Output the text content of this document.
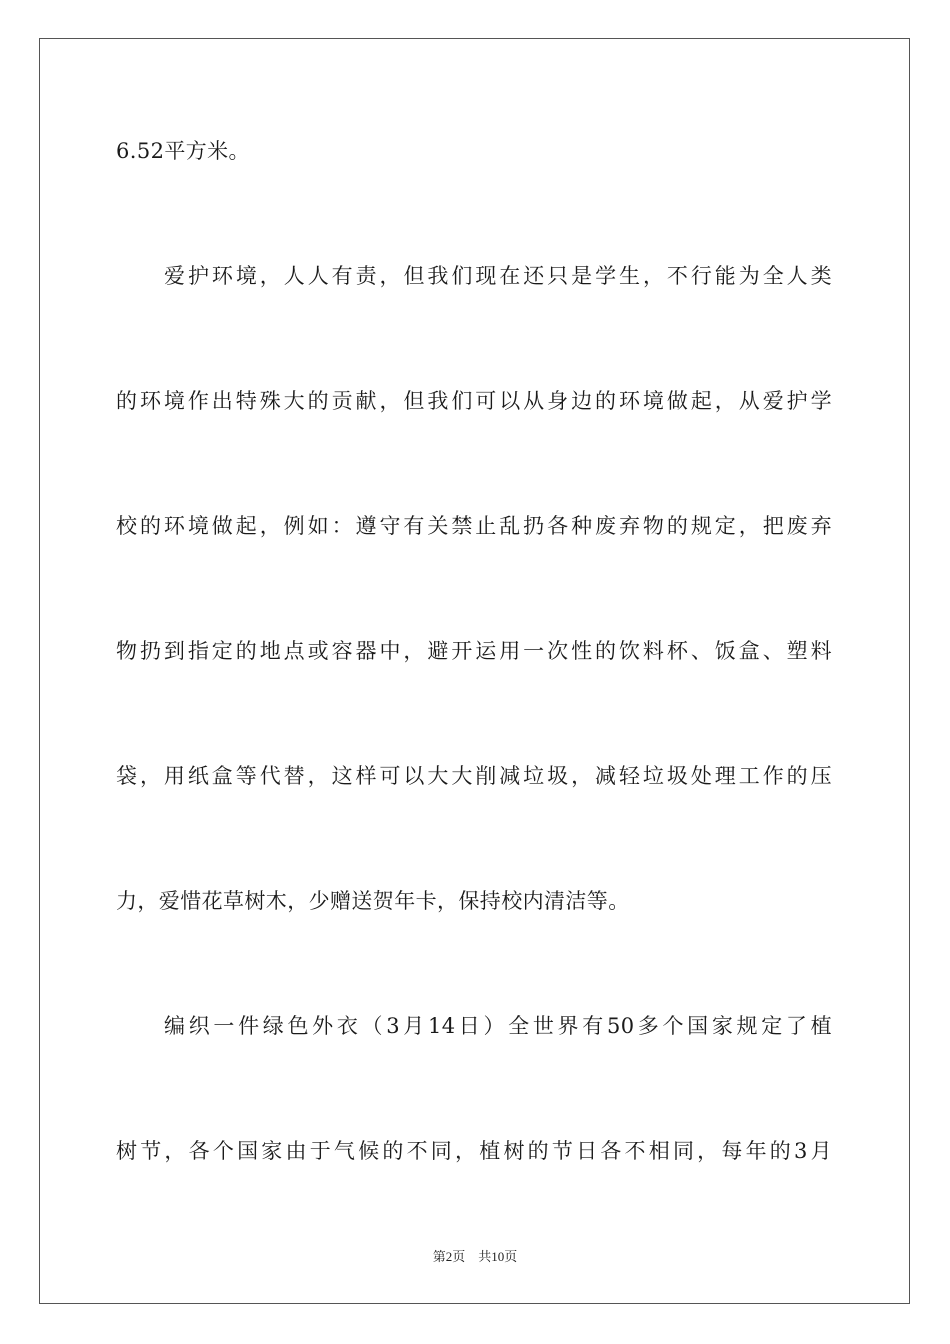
6.52平方米。
爱护环境，人人有责，但我们现在还只是学生，不行能为全人类
的环境作出特殊大的贡献，但我们可以从身边的环境做起，从爱护学
校的环境做起，例如：遵守有关禁止乱扔各种废弃物的规定，把废弃
物扔到指定的地点或容器中，避开运用一次性的饮料杯、饭盒、塑料
袋，用纸盒等代替，这样可以大大削减垃圾，减轻垃圾处理工作的压
力，爱惜花草树木，少赠送贺年卡，保持校内清洁等。
编织一件绿色外衣（3月14日）全世界有50多个国家规定了植
树节，各个国家由于气候的不同，植树的节日各不相同，每年的3月
第2页　共10页
